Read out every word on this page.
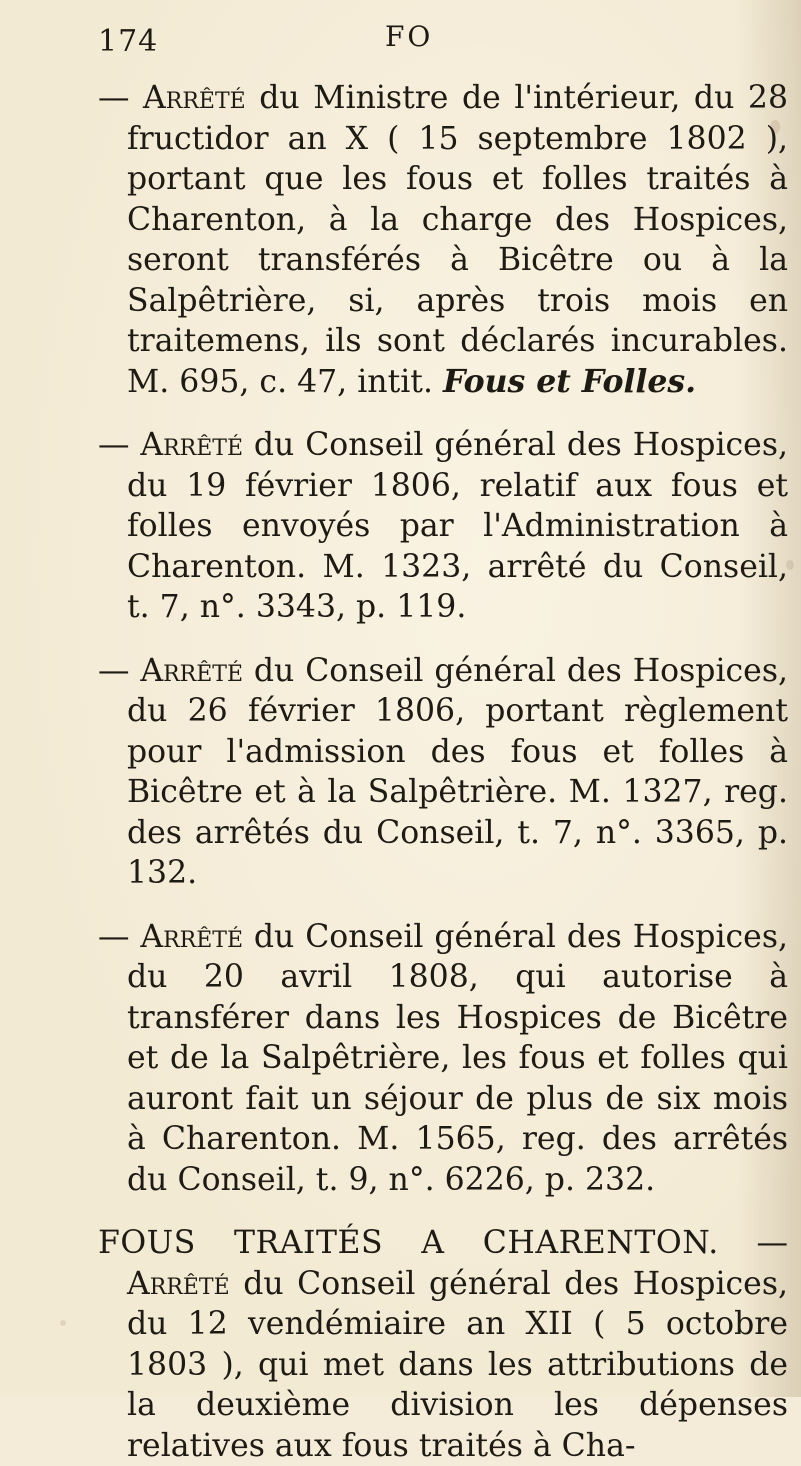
174	FO

— Arrêté du Ministre de l'intérieur, du 28 fructidor an X ( 15 septembre 1802 ), portant que les fous et folles traités à Charenton, à la charge des Hospices, seront transférés à Bicêtre ou à la Salpêtrière, si, après trois mois en traitemens, ils sont déclarés incurables. M. 695, c. 47, intit. Fous et Folles.

— Arrêté du Conseil général des Hospices, du 19 février 1806, relatif aux fous et folles envoyés par l'Administration à Charenton. M. 1323, arrêté du Conseil, t. 7, n°. 3343, p. 119.

— Arrêté du Conseil général des Hospices, du 26 février 1806, portant règlement pour l'admission des fous et folles à Bicêtre et à la Salpêtrière. M. 1327, reg. des arrêtés du Conseil, t. 7, n°. 3365, p. 132.

— Arrêté du Conseil général des Hospices, du 20 avril 1808, qui autorise à transférer dans les Hospices de Bicêtre et de la Salpêtrière, les fous et folles qui auront fait un séjour de plus de six mois à Charenton. M. 1565, reg. des arrêtés du Conseil, t. 9, n°. 6226, p. 232.

FOUS TRAITÉS A CHARENTON. — Arrêté du Conseil général des Hospices, du 12 vendémiaire an XII ( 5 octobre 1803 ), qui met dans les attributions de la deuxième division les dépenses relatives aux fous traités à Cha-
